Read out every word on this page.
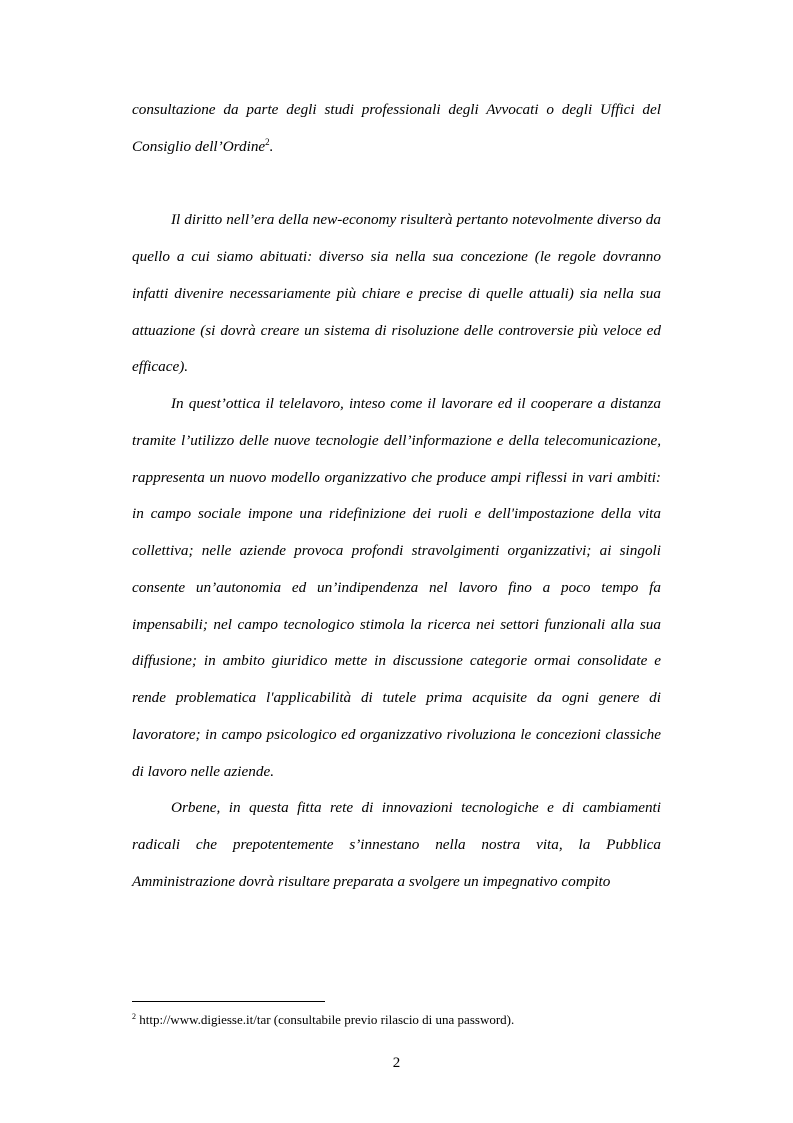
consultazione da parte degli studi professionali degli Avvocati o degli Uffici del Consiglio dell’Ordine$^2$.

Il diritto nell’era della new-economy risulterà pertanto notevolmente diverso da quello a cui siamo abituati: diverso sia nella sua concezione (le regole dovranno infatti divenire necessariamente più chiare e precise di quelle attuali) sia nella sua attuazione (si dovrà creare un sistema di risoluzione delle controversie più veloce ed efficace).

In quest’ottica il telelavoro, inteso come il lavorare ed il cooperare a distanza tramite l’utilizzo delle nuove tecnologie dell’informazione e della telecomunicazione, rappresenta un nuovo modello organizzativo che produce ampi riflessi in vari ambiti: in campo sociale impone una ridefinizione dei ruoli e dell'impostazione della vita collettiva; nelle aziende provoca profondi stravolgimenti organizzativi; ai singoli consente un’autonomia ed un’indipendenza nel lavoro fino a poco tempo fa impensabili; nel campo tecnologico stimola la ricerca nei settori funzionali alla sua diffusione; in ambito giuridico mette in discussione categorie ormai consolidate e rende problematica l'applicabilità di tutele prima acquisite da ogni genere di lavoratore; in campo psicologico ed organizzativo rivoluziona le concezioni classiche di lavoro nelle aziende.

Orbene, in questa fitta rete di innovazioni tecnologiche e di cambiamenti radicali che prepotentemente s’innestano nella nostra vita, la Pubblica Amministrazione dovrà risultare preparata a svolgere un impegnativo compito

$^2$ http://www.digiesse.it/tar (consultabile previo rilascio di una password).
2
